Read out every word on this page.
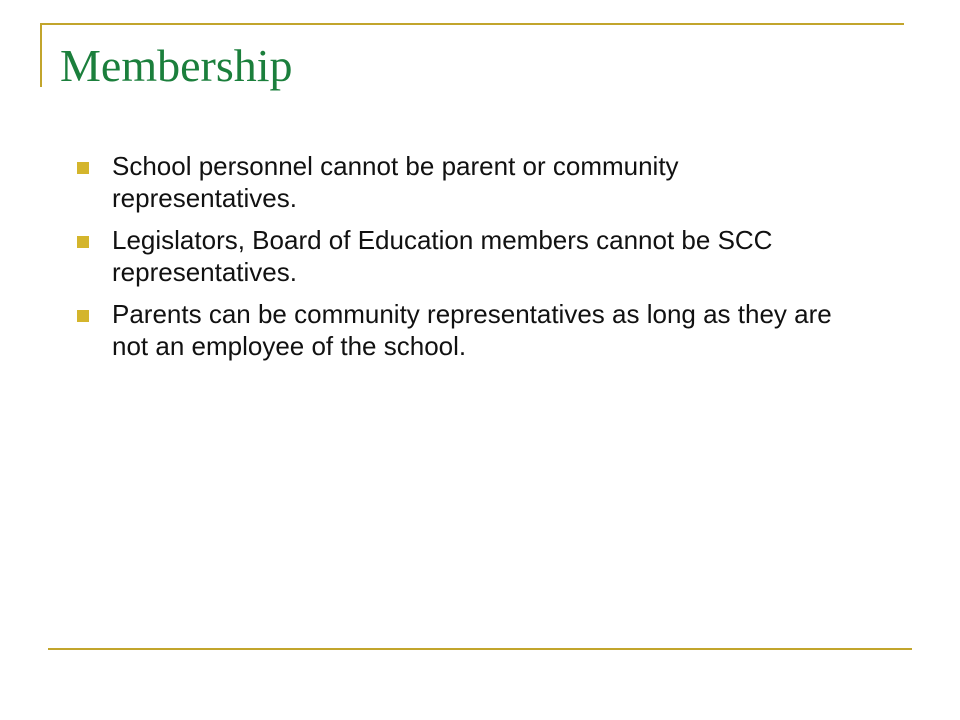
Membership
School personnel cannot be parent or community representatives.
Legislators, Board of Education members cannot be SCC representatives.
Parents can be community representatives as long as they are not an employee of the school.
